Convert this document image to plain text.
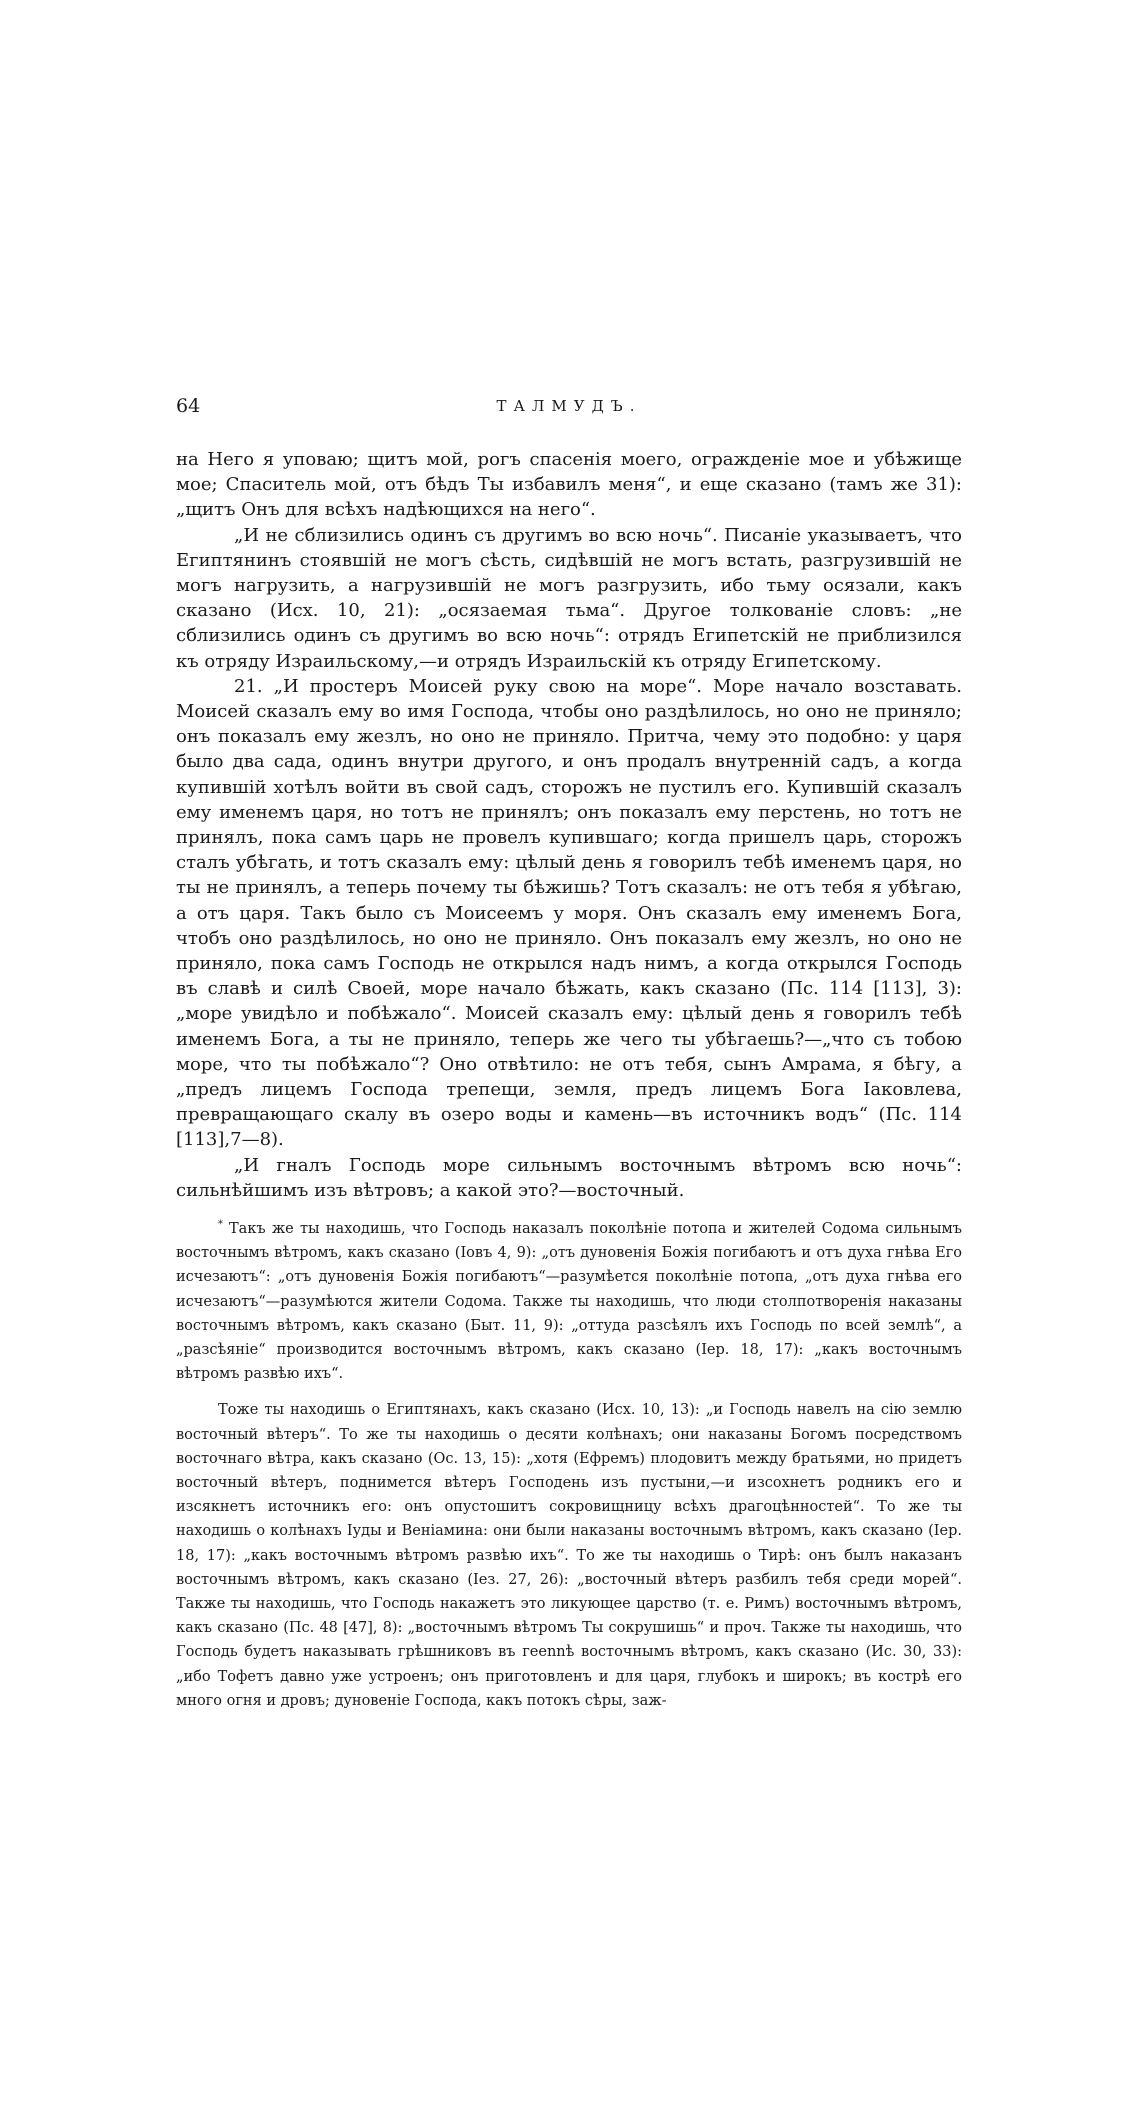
64	ТАЛМУДЪ.

на Него я уповаю; щитъ мой, рогъ спасенія моего, огражденіе мое и убѣжище мое; Спаситель мой, отъ бѣдъ Ты избавилъ меня“, и еще сказано (тамъ же 31): „щитъ Онъ для всѣхъ надѣющихся на него“.

„И не сблизились одинъ съ другимъ во всю ночь“. Писаніе указываетъ, что Египтянинъ стоявшій не могъ сѣсть, сидѣвшій не могъ встать, разгрузившій не могъ нагрузить, а нагрузившій не могъ разгрузить, ибо тьму осязали, какъ сказано (Исх. 10, 21): „осязаемая тьма“. Другое толкованіе словъ: „не сблизились одинъ съ другимъ во всю ночь“: отрядъ Египетскій не приблизился къ отряду Израильскому,—и отрядъ Израильскій къ отряду Египетскому.

21. „И простеръ Моисей руку свою на море“. Море начало возставать. Моисей сказалъ ему во имя Господа, чтобы оно раздѣлилось, но оно не приняло; онъ показалъ ему жезлъ, но оно не приняло. Притча, чему это подобно: у царя было два сада, одинъ внутри другого, и онъ продалъ внутренній садъ, а когда купившій хотѣлъ войти въ свой садъ, сторожъ не пустилъ его. Купившій сказалъ ему именемъ царя, но тотъ не принялъ; онъ показалъ ему перстень, но тотъ не принялъ, пока самъ царь не провелъ купившаго; когда пришелъ царь, сторожъ сталъ убѣгать, и тотъ сказалъ ему: цѣлый день я говорилъ тебѣ именемъ царя, но ты не принялъ, а теперь почему ты бѣжишь? Тотъ сказалъ: не отъ тебя я убѣгаю, а отъ царя. Такъ было съ Моисеемъ у моря. Онъ сказалъ ему именемъ Бога, чтобъ оно раздѣлилось, но оно не приняло. Онъ показалъ ему жезлъ, но оно не приняло, пока самъ Господь не открылся надъ нимъ, а когда открылся Господь въ славѣ и силѣ Своей, море начало бѣжать, какъ сказано (Пс. 114 [113], 3): „море увидѣло и побѣжало“. Моисей сказалъ ему: цѣлый день я говорилъ тебѣ именемъ Бога, а ты не приняло, теперь же чего ты убѣгаешь?—„что съ тобою море, что ты побѣжало“? Оно отвѣтило: не отъ тебя, сынъ Амрама, я бѣгу, а „предъ лицемъ Господа трепещи, земля, предъ лицемъ Бога Іаковлева, превращающаго скалу въ озеро воды и камень—въ источникъ водъ“ (Пс. 114 [113],7—8).

„И гналъ Господь море сильнымъ восточнымъ вѣтромъ всю ночь“: сильнѣйшимъ изъ вѣтровъ; а какой это?—восточный.

* Такъ же ты находишь, что Господь наказалъ поколѣніе потопа и жителей Содома сильнымъ восточнымъ вѣтромъ, какъ сказано (Іовъ 4, 9): „отъ дуновенія Божія погибаютъ и отъ духа гнѣва Его исчезаютъ“: „отъ дуновенія Божія погибаютъ“—разумѣется поколѣніе потопа, „отъ духа гнѣва его исчезаютъ“—разумѣются жители Содома. Также ты находишь, что люди столпотворенія наказаны восточнымъ вѣтромъ, какъ сказано (Быт. 11, 9): „оттуда разсѣялъ ихъ Господь по всей землѣ“, а „разсѣяніе“ производится восточнымъ вѣтромъ, какъ сказано (Іер. 18, 17): „какъ восточнымъ вѣтромъ развѣю ихъ“.

Тоже ты находишь о Египтянахъ, какъ сказано (Исх. 10, 13): „и Господь навелъ на сію землю восточный вѣтеръ“. То же ты находишь о десяти колѣнахъ; они наказаны Богомъ посредствомъ восточнаго вѣтра, какъ сказано (Ос. 13, 15): „хотя (Ефремъ) плодовитъ между братьями, но придетъ восточный вѣтеръ, поднимется вѣтеръ Господень изъ пустыни,—и изсохнетъ родникъ его и изсякнетъ источникъ его: онъ опустошитъ сокровищницу всѣхъ драгоцѣнностей“. То же ты находишь о колѣнахъ Іуды и Веніамина: они были наказаны восточнымъ вѣтромъ, какъ сказано (Іер. 18, 17): „какъ восточнымъ вѣтромъ развѣю ихъ“. То же ты находишь о Тирѣ: онъ былъ наказанъ восточнымъ вѣтромъ, какъ сказано (Іез. 27, 26): „восточный вѣтеръ разбилъ тебя среди морей“. Также ты находишь, что Господь накажетъ это ликующее царство (т. е. Римъ) восточнымъ вѣтромъ, какъ сказано (Пс. 48 [47], 8): „восточнымъ вѣтромъ Ты сокрушишь“ и проч. Также ты находишь, что Господь будетъ наказывать грѣшниковъ въ геennѣ восточнымъ вѣтромъ, какъ сказано (Ис. 30, 33): „ибо Тофетъ давно уже устроенъ; онъ приготовленъ и для царя, глубокъ и широкъ; въ кострѣ его много огня и дровъ; дуновеніе Господа, какъ потокъ сѣры, заж-
